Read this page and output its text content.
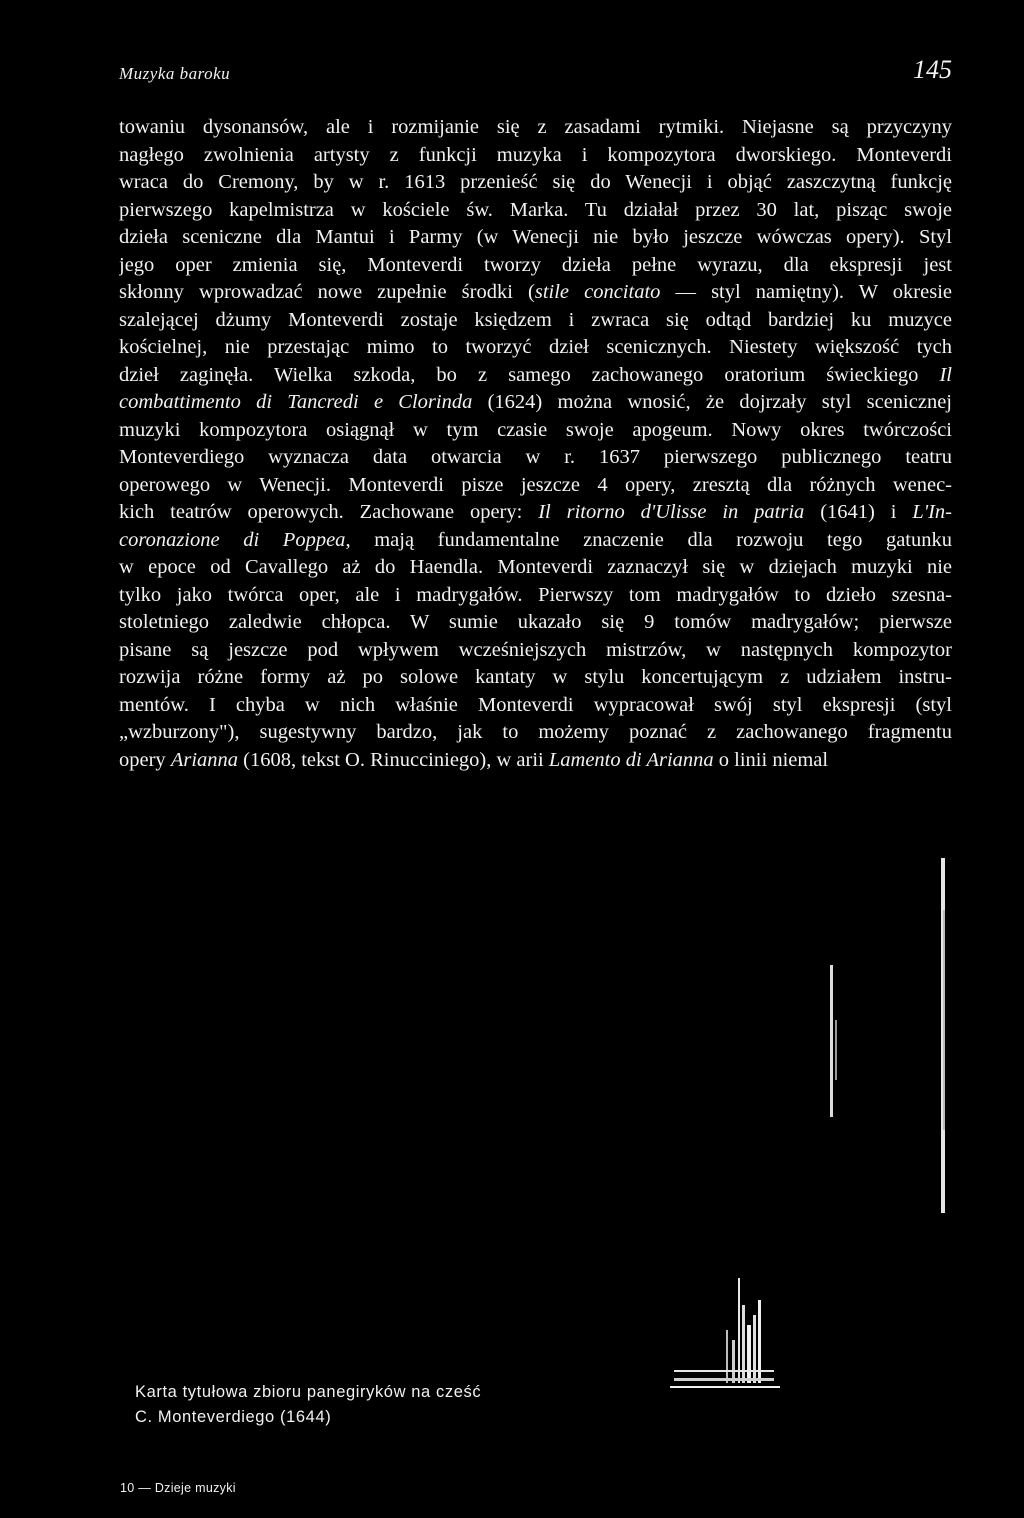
Muzyka baroku	145
towaniu dysonansów, ale i rozmijanie się z zasadami rytmiki. Niejasne są przyczyny
nagłego zwolnienia artysty z funkcji muzyka i kompozytora dworskiego. Monteverdi
wraca do Cremony, by w r. 1613 przenieść się do Wenecji i objąć zaszczytną funkcję
pierwszego kapelmistrza w kościele św. Marka. Tu działał przez 30 lat, pisząc swoje
dzieła sceniczne dla Mantui i Parmy (w Wenecji nie było jeszcze wówczas opery). Styl
jego oper zmienia się, Monteverdi tworzy dzieła pełne wyrazu, dla ekspresji jest
skłonny wprowadzać nowe zupełnie środki (stile concitato — styl namiętny). W okresie
szalejącej dżumy Monteverdi zostaje księdzem i zwraca się odtąd bardziej ku muzyce
kościelnej, nie przestając mimo to tworzyć dzieł scenicznych. Niestety większość tych
dzieł zaginęła. Wielka szkoda, bo z samego zachowanego oratorium świeckiego Il
combattimento di Tancredi e Clorinda (1624) można wnosić, że dojrzały styl scenicznej
muzyki kompozytora osiągnął w tym czasie swoje apogeum. Nowy okres twórczości
Monteverdiego wyznacza data otwarcia w r. 1637 pierwszego publicznego teatru
operowego w Wenecji. Monteverdi pisze jeszcze 4 opery, zresztą dla różnych wenec-
kich teatrów operowych. Zachowane opery: Il ritorno d'Ulisse in patria (1641) i L'In-
coronazione di Poppea, mają fundamentalne znaczenie dla rozwoju tego gatunku
w epoce od Cavallego aż do Haendla. Monteverdi zaznaczył się w dziejach muzyki nie
tylko jako twórca oper, ale i madrygałów. Pierwszy tom madrygałów to dzieło szesna-
stoletniego zaledwie chłopca. W sumie ukazało się 9 tomów madrygałów; pierwsze
pisane są jeszcze pod wpływem wcześniejszych mistrzów, w następnych kompozytor
rozwija różne formy aż po solowe kantaty w stylu koncertującym z udziałem instru-
mentów. I chyba w nich właśnie Monteverdi wypracował swój styl ekspresji (styl
„wzburzony"), sugestywny bardzo, jak to możemy poznać z zachowanego fragmentu
opery Arianna (1608, tekst O. Rinucciniego), w arii Lamento di Arianna o linii niemal
Karta tytułowa zbioru panegiryków na cześć
C. Monteverdiego (1644)
10 — Dzieje muzyki
